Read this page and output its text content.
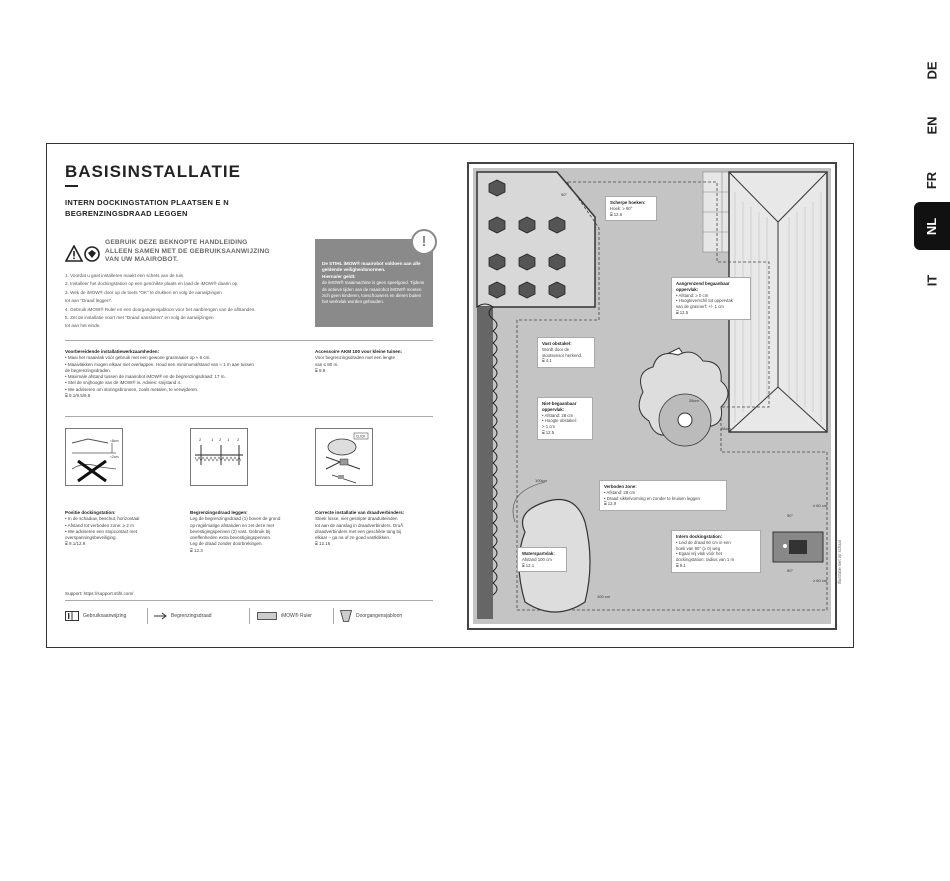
DE
EN
FR
NL
IT
BASISINSTALLATIE
INTERN DOCKINGSTATION PLAATSEN E N BEGRENZINGSDRAAD LEGGEN
GEBRUIK DEZE BEKNOPTE HANDLEIDING ALLEEN SAMEN MET DE GEBRUIKSAANWIJZING VAN UW MAAIROBOT.
1. Voordat u gaat installeren maakt een schets van de tuin.
2. Installeer het dockingstation op een geschikte plaats en laad de iMOW® daarin op.
3. Wek de iMOW® door op de toets "OK" te drukken en volg de aanwijzingen
tot aan "Draad leggen".
4. Gebruik iMOW® Ruler en een doorgangensjabloon voor het aanbrengen van de afstanden.
5. Zet de installatie voort met "Draad aansluiten" en volg de aanwijzingen
tot aan het einde.
!
De STIHL iMOW® maairobot voldoen aan alle geldende veiligheidsnormen.
Hierna/er geldt:
de iMOW® maaimachine is geen speelgoed. Tijdens de actieve tijden van de maairobot iMOW® moeten zich geen kinderen, toeschouwers en dieren buiten het werkvlak worden gehouden.
Voorbereidende installatiewerkzaamheden:
• Maai het maaivlak vóór gebruik met een gewone grasmaaier op ≈ 6 cm.
• Maaivlakken mogen elkaar niet overlappen. Houd een minimumafstand van ≈ 1 m aan tussen
de begrenzingsdraden.
• Maximale afstand tussen de maairobot iMOW® en de begrenzingsdraad: 17 m.
• Stel de snijhoogte van de iMOW® in. Advies: snijstand 4.
• We adviseren om storingsbronnen, zoals metalen, te verwijderen.
⌸ 9.1/9.5/9.9
Accessoire AKM 100 voor kleine tuinen:
Voor begrenzingsdraden met een lengte
van ≤ 80 m.
⌸ 9.9
≈8cm
≈2cm
2 1 2 1 2
CLICK
Positie dockingstation:
• In de schaduw, beschut, horizontaal
• Afstand tot verboden zone: ≥ 2 m
• We adviseren een stopcontact met
overspanningsbeveiliging.
⌸ 9.1/12.9
Begrenzingsdraad leggen:
Leg de begrenzingsdraad (1) boven de grond
op regelmatige afstanden en zet deze met
bevestigingspennen (2) vast. Gebruik bij
oneffenheden extra bevestigingspennen.
Leg de draad zonder doorbrekingen.
⌸ 12.3
Correcte installatie van draadverbinders:
Steek losse, niet gestripte draaduiteinden
tot aan de aanslag in draadverbinders. DruÅ
draadverbinders met een geschikte tang bij
elkaar – ga na of ze goed vastklikken.
⌸ 12.16
Support: https://support.stihl.com/
Gebruiksaanwijzing	Begrenzingsdraad	iMOW® Ruler	Doorgangensjabloon
28cm
100cm
100 cm
90°
≥ 60 cm
≥ 60 cm
90°
90°
28cm
Scherpe hoeken:
Hoek: ≥ 90°
⌸ 12.6
Aangrenzend begaanbaar oppervlak:
• Afstand: ≥ 0 cm
• Hoogteverschil tot oppervlak
van de grasnerf: +/- 1 cm
⌸ 12.5
Vast obstakel:
Wordt door de
stootsensor herkend.
⌸ 4.1
Niet-begaanbaar oppervlak:
• Afstand: 28 cm
• Hoogte obstakel:
> 1 cm
⌸ 12.5
Verboden zone:
• Afstand: 28 cm
• Draad sikkelvorming en zonder te kruisen leggen
⌸ 12.9
Intern dockingstation:
• Leid de draad 60 cm in een
hoek van 90° (≥ 0) weg
• Egaal vrij vlak vóór het
dockingstation: radius van 1 m
⌸ 9.1
Waterspartvlak:
Afstand 100 cm
⌸ 12.1	Illustratie niet op schaal
